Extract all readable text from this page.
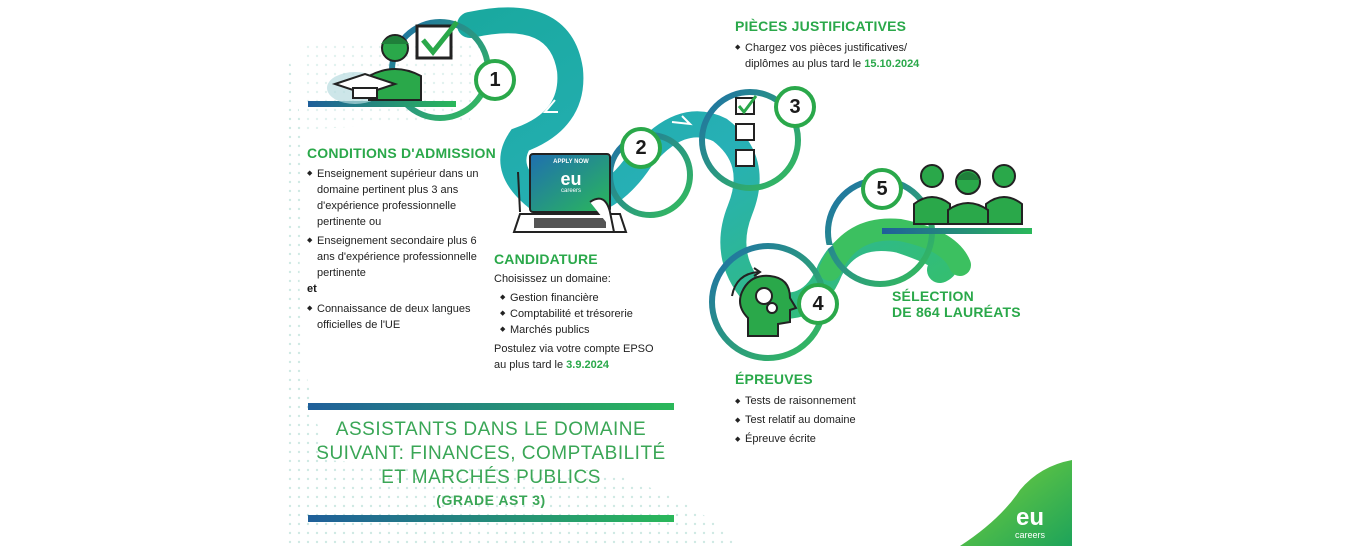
APPLY NOW
eu
careers
1
2
3
4
5
CONDITIONS D'ADMISSION
◆ Enseignement supérieur dans un domaine pertinent plus 3 ans d'expérience professionnelle pertinente ou
◆ Enseignement secondaire plus 6 ans d'expérience professionnelle pertinente
et
◆ Connaissance de deux langues officielles de l'UE
CANDIDATURE
Choisissez un domaine:
◆ Gestion financière
◆ Comptabilité et trésorerie
◆ Marchés publics
Postulez via votre compte EPSO au plus tard le 3.9.2024
PIÈCES JUSTIFICATIVES
◆ Chargez vos pièces justificatives/ diplômes au plus tard le 15.10.2024
ÉPREUVES
◆ Tests de raisonnement
◆ Test relatif au domaine
◆ Épreuve écrite
SÉLECTION
DE 864 LAURÉATS
ASSISTANTS DANS LE DOMAINE
SUIVANT: FINANCES, COMPTABILITÉ
ET MARCHÉS PUBLICS
(GRADE AST 3)
eu
careers
